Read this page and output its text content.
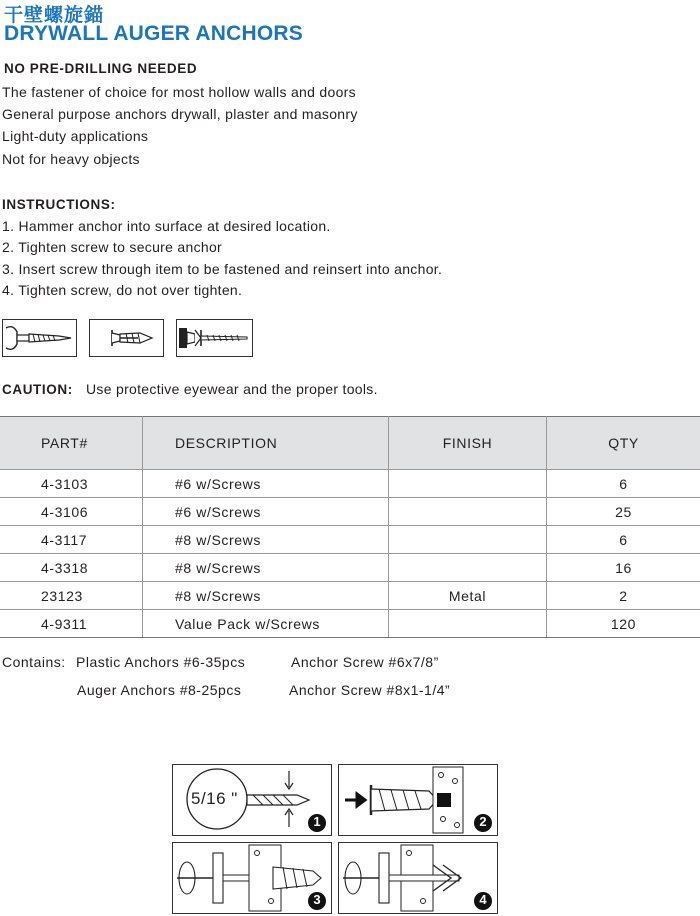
干壁螺旋錨
DRYWALL AUGER ANCHORS
NO PRE-DRILLING NEEDED
The fastener of choice for most hollow walls and doors
General purpose anchors drywall, plaster and masonry
Light-duty applications
Not for heavy objects
INSTRUCTIONS:
1. Hammer anchor into surface at desired location.
2. Tighten screw to secure anchor
3. Insert screw through item to be fastened and reinsert into anchor.
4. Tighten screw, do not over tighten.
CAUTION: Use protective eyewear and the proper tools.
PART#	DESCRIPTION	FINISH	QTY
4-3103	#6 w/Screws		6
4-3106	#6 w/Screws		25
4-3117	#8 w/Screws		6
4-3318	#8 w/Screws		16
23123	#8 w/Screws	Metal	2
4-9311	Value Pack w/Screws		120
Contains: Plastic Anchors #6-35pcs	Anchor Screw #6x7/8”
Auger Anchors #8-25pcs	Anchor Screw #8x1-1/4”
5/16 "
1	2
3	4
